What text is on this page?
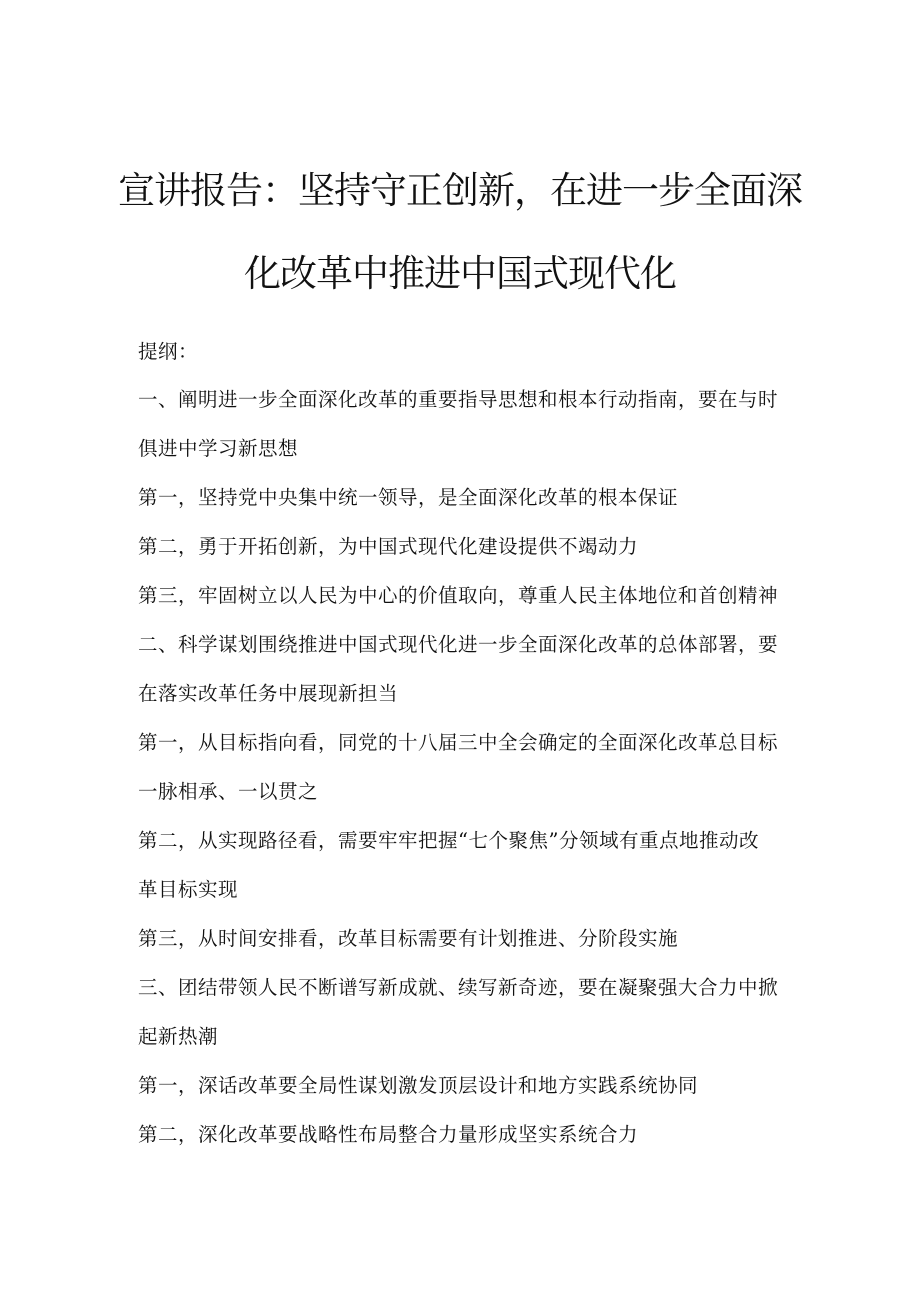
宣讲报告：坚持守正创新，在进一步全面深
化改革中推进中国式现代化
提纲：
一、阐明进一步全面深化改革的重要指导思想和根本行动指南，要在与时
俱进中学习新思想
第一，坚持党中央集中统一领导，是全面深化改革的根本保证
第二，勇于开拓创新，为中国式现代化建设提供不竭动力
第三，牢固树立以人民为中心的价值取向，尊重人民主体地位和首创精神
二、科学谋划围绕推进中国式现代化进一步全面深化改革的总体部署，要
在落实改革任务中展现新担当
第一，从目标指向看，同党的十八届三中全会确定的全面深化改革总目标
一脉相承、一以贯之
第二，从实现路径看，需要牢牢把握“七个聚焦”分领域有重点地推动改
革目标实现
第三，从时间安排看，改革目标需要有计划推进、分阶段实施
三、团结带领人民不断谱写新成就、续写新奇迹，要在凝聚强大合力中掀
起新热潮
第一，深话改革要全局性谋划激发顶层设计和地方实践系统协同
第二，深化改革要战略性布局整合力量形成坚实系统合力
